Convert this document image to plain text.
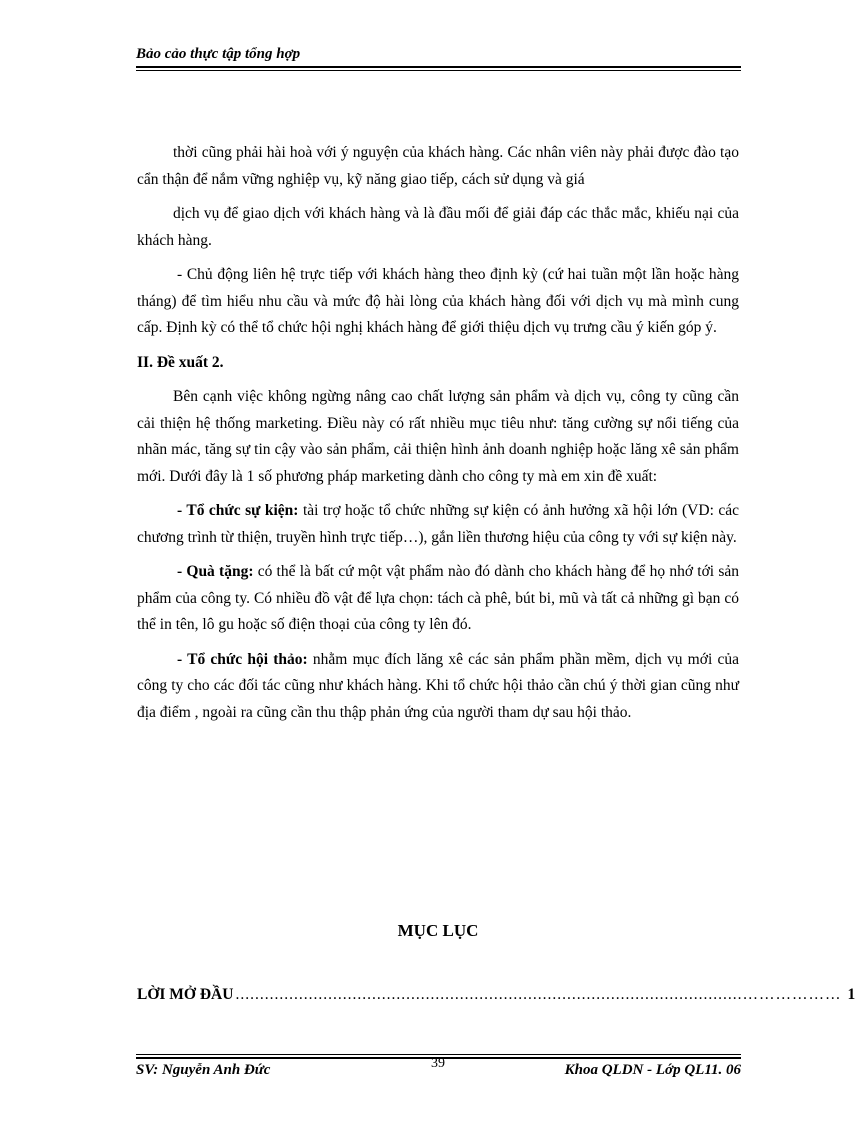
Bảo cảo thực tập tổng hợp

thời cũng phải hài hoà với ý nguyện của khách hàng. Các nhân viên này phải được đào tạo cẩn thận để nắm vững nghiệp vụ, kỹ năng giao tiếp, cách sử dụng và giá

dịch vụ để giao dịch với khách hàng và là đầu mối để giải đáp các thắc mắc, khiếu nại của khách hàng.

- Chủ động liên hệ trực tiếp với khách hàng theo định kỳ (cứ hai tuần một lần hoặc hàng tháng) để tìm hiểu nhu cầu và mức độ hài lòng của khách hàng đối với dịch vụ mà mình cung cấp. Định kỳ có thể tổ chức hội nghị khách hàng để giới thiệu dịch vụ trưng cầu ý kiến góp ý.

II. Đề xuất 2.

Bên cạnh việc không ngừng nâng cao chất lượng sản phẩm và dịch vụ, công ty cũng cần cải thiện hệ thống marketing. Điều này có rất nhiều mục tiêu như: tăng cường sự nổi tiếng của nhãn mác, tăng sự tin cậy vào sản phẩm, cải thiện hình ảnh doanh nghiệp hoặc lăng xê sản phẩm mới. Dưới đây là 1 số phương pháp marketing dành cho công ty mà em xin đề xuất:

- Tổ chức sự kiện: tài trợ hoặc tổ chức những sự kiện có ảnh hưởng xã hội lớn (VD: các chương trình từ thiện, truyền hình trực tiếp…), gắn liền thương hiệu của công ty với sự kiện này.

- Quà tặng: có thể là bất cứ một vật phẩm nào đó dành cho khách hàng để họ nhớ tới sản phẩm của công ty. Có nhiều đồ vật để lựa chọn: tách cà phê, bút bi, mũ và tất cả những gì bạn có thể in tên, lô gu hoặc số điện thoại của công ty lên đó.

- Tổ chức hội thảo: nhằm mục đích lăng xê các sản phẩm phần mềm, dịch vụ mới của công ty cho các đối tác cũng như khách hàng. Khi tổ chức hội thảo cần chú ý thời gian cũng như địa điểm , ngoài ra cũng cần thu thập phản ứng của người tham dự sau hội thảo.

MỤC LỤC
LỜI MỞ ĐẦU ........................................................................................................……………… 1
SV: Nguyễn Anh Đức	39	Khoa QLDN - Lớp QL11. 06
